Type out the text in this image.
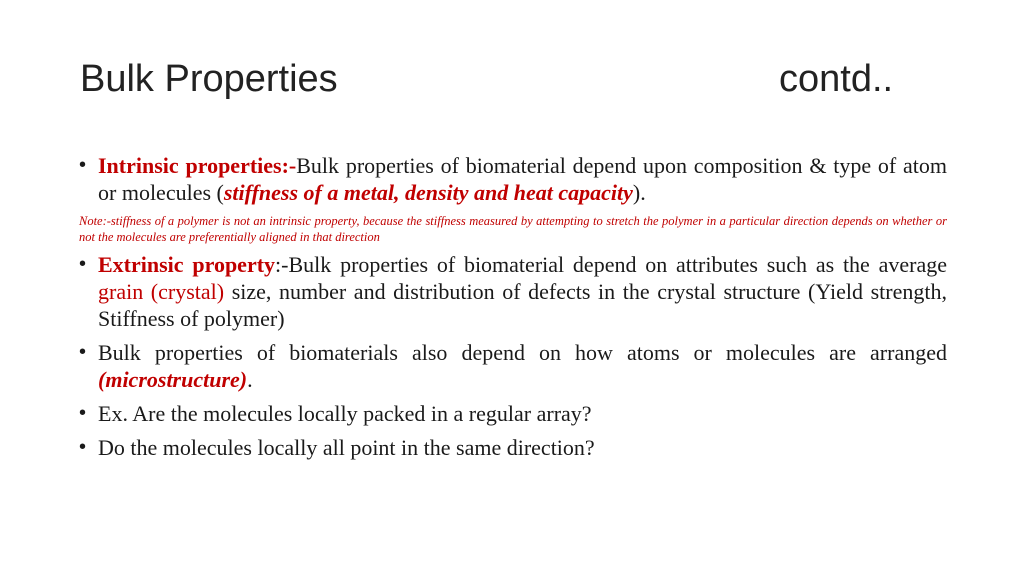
Bulk Properties	contd..
• Intrinsic properties:-Bulk properties of biomaterial depend upon composition & type of atom or molecules (stiffness of a metal, density and heat capacity).
Note:-stiffness of a polymer is not an intrinsic property, because the stiffness measured by attempting to stretch the polymer in a particular direction depends on whether or not the molecules are preferentially aligned in that direction
• Extrinsic property:-Bulk properties of biomaterial depend on attributes such as the average grain (crystal) size, number and distribution of defects in the crystal structure (Yield strength, Stiffness of polymer)
• Bulk properties of biomaterials also depend on how atoms or molecules are arranged (microstructure).
• Ex. Are the molecules locally packed in a regular array?
• Do the molecules locally all point in the same direction?
